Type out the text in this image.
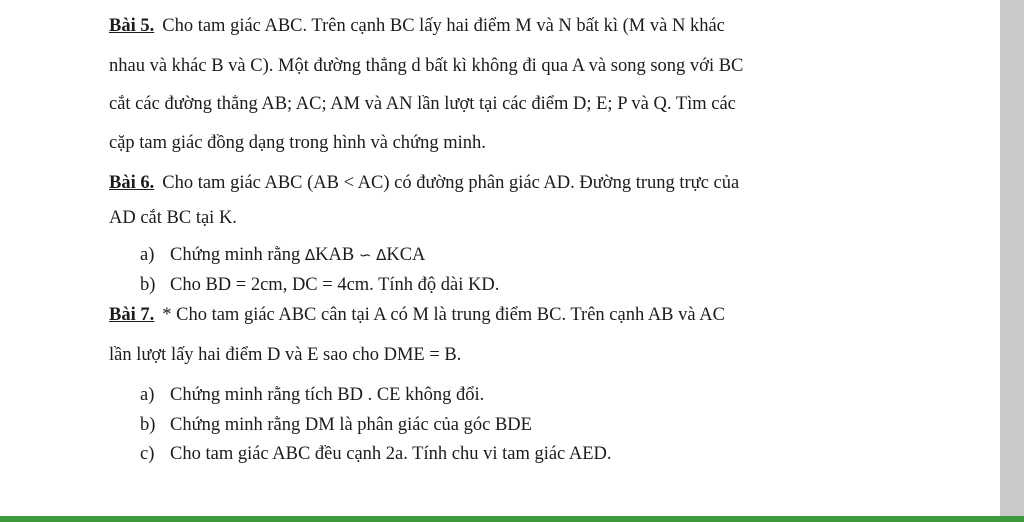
Bài 5. Cho tam giác ABC. Trên cạnh BC lấy hai điểm M và N bất kì (M và N khác
nhau và khác B và C). Một đường thẳng d bất kì không đi qua A và song song với BC
cắt các đường thẳng AB; AC; AM và AN lần lượt tại các điểm D; E; P và Q. Tìm các
cặp tam giác đồng dạng trong hình và chứng minh.
Bài 6. Cho tam giác ABC (AB < AC) có đường phân giác AD. Đường trung trực của
AD cắt BC tại K.
a) Chứng minh rằng ΔKAB ∽ ΔKCA
b) Cho BD = 2cm, DC = 4cm. Tính độ dài KD.
Bài 7. * Cho tam giác ABC cân tại A có M là trung điểm BC. Trên cạnh AB và AC
lần lượt lấy hai điểm D và E sao cho DME = B.
a) Chứng minh rằng tích BD . CE không đổi.
b) Chứng minh rằng DM là phân giác của góc BDE
c) Cho tam giác ABC đều cạnh 2a. Tính chu vi tam giác AED.
